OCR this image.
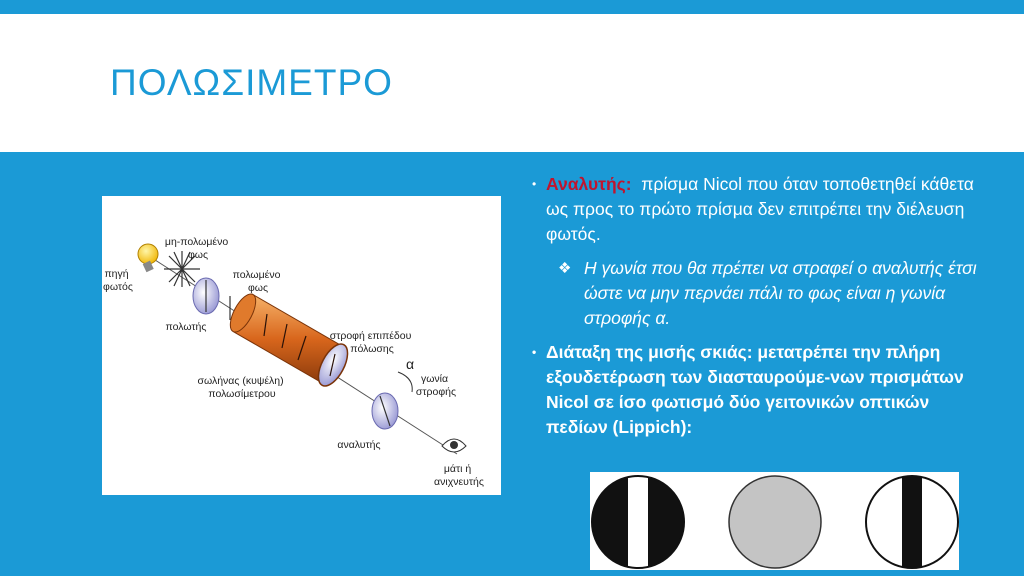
ΠΟΛΩΣΙΜΕΤΡΟ
μη-πολωμένο φως
πηγή φωτός
πολωμένο φως
πολωτής
στροφή επιπέδου πόλωσης
α
σωλήνας (κυψέλη) πολωσίμετρου
γωνία στροφής
αναλυτής
μάτι ή ανιχνευτής
• Αναλυτής: πρίσμα Nicol που όταν τοποθετηθεί κάθετα ως προς το πρώτο πρίσμα δεν επιτρέπει την διέλευση φωτός.
❖ Η γωνία που θα πρέπει να στραφεί ο αναλυτής έτσι ώστε να μην περνάει πάλι το φως είναι η γωνία στροφής α.
• Διάταξη της μισής σκιάς: μετατρέπει την πλήρη εξουδετέρωση των διασταυρούμε-νων πρισμάτων Nicol σε ίσο φωτισμό δύο γειτονικών οπτικών πεδίων (Lippich):
